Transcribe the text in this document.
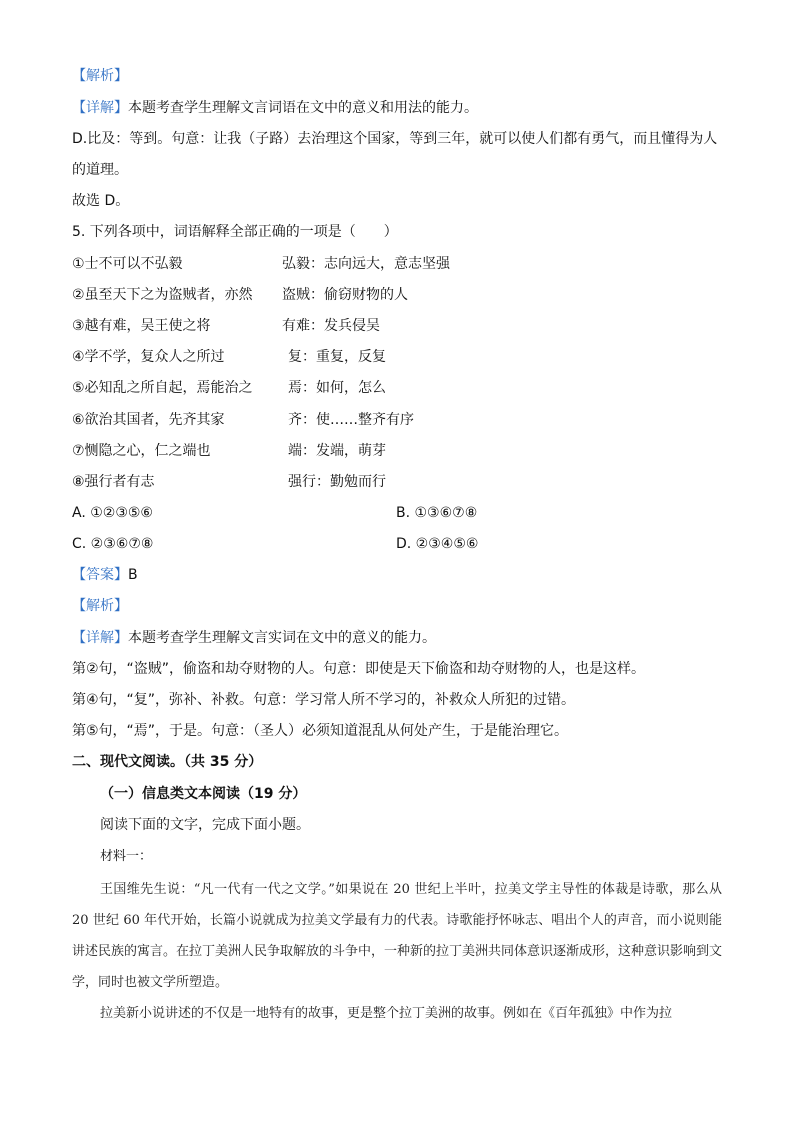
【解析】
【详解】本题考查学生理解文言词语在文中的意义和用法的能力。
D.比及：等到。句意：让我（子路）去治理这个国家，等到三年，就可以使人们都有勇气，而且懂得为人
的道理。
故选 D。
5. 下列各项中，词语解释全部正确的一项是（　　）
①士不可以不弘毅	弘毅：志向远大，意志坚强
②虽至天下之为盗贼者，亦然 盗贼：偷窃财物的人
③越有难，吴王使之将	有难：发兵侵吴
④学不学，复众人之所过	复：重复，反复
⑤必知乱之所自起，焉能治之	焉：如何，怎么
⑥欲治其国者，先齐其家	齐：使……整齐有序
⑦恻隐之心，仁之端也	端：发端，萌芽
⑧强行者有志	强行：勤勉而行
A. ①②③⑤⑥	B. ①③⑥⑦⑧
C. ②③⑥⑦⑧	D. ②③④⑤⑥
【答案】B
【解析】
【详解】本题考查学生理解文言实词在文中的意义的能力。
第②句，“盗贼”，偷盗和劫夺财物的人。句意：即使是天下偷盗和劫夺财物的人，也是这样。
第④句，“复”，弥补、补救。句意：学习常人所不学习的，补救众人所犯的过错。
第⑤句，“焉”，于是。句意：（圣人）必须知道混乱从何处产生，于是能治理它。
二、现代文阅读。（共 35 分）
（一）信息类文本阅读（19 分）
阅读下面的文字，完成下面小题。
材料一：
王国维先生说：“凡一代有一代之文学。”如果说在 20 世纪上半叶，拉美文学主导性的体裁是诗歌，那么从 20 世纪 60 年代开始，长篇小说就成为拉美文学最有力的代表。诗歌能抒怀咏志、唱出个人的声音，而小说则能讲述民族的寓言。在拉丁美洲人民争取解放的斗争中，一种新的拉丁美洲共同体意识逐渐成形，这种意识影响到文学，同时也被文学所塑造。
拉美新小说讲述的不仅是一地特有的故事，更是整个拉丁美洲的故事。例如在《百年孤独》中作为拉
